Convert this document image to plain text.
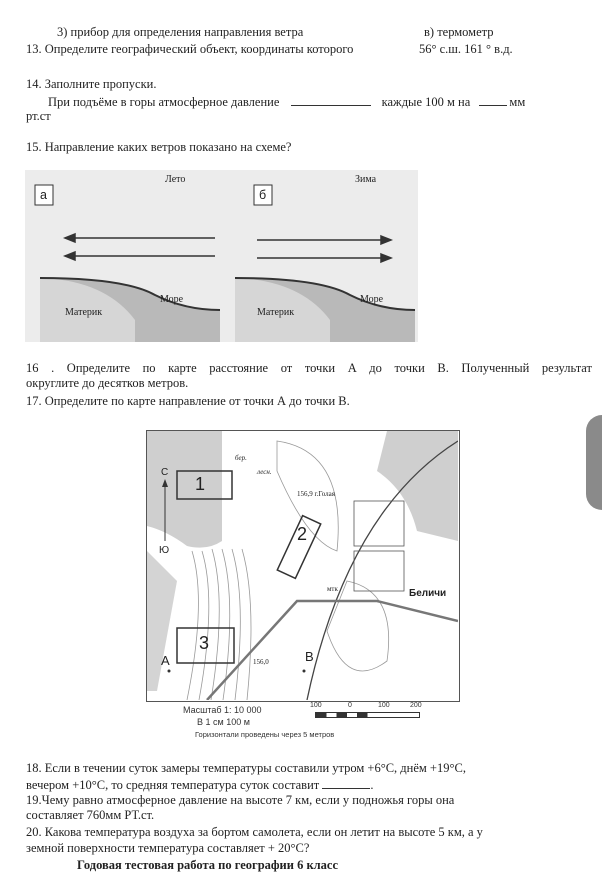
3) прибор для определения направления ветра	в) термометр
13. Определите географический объект, координаты которого	56° с.ш. 161 ° в.д.
14. Заполните пропуски.
При подъёме в горы атмосферное давление	каждые 100 м на	мм
рт.ст
15. Направление каких ветров показано на схеме?
а	б
Лето	Зима
Материк
Море
Материк
Море
16 . Определите по карте расстояние от точки А до точки В. Полученный результат
округлите до десятков метров.
17. Определите по карте направление от точки А до точки В.
1
2
3
А	В
С
Ю
Беличи
156,9 г.Голая
156,0
бер.
лесн.
мтк
Масштаб 1: 10 000
В 1 см 100 м
Горизонтали проведены через 5 метров
100	0	100	200
18. Если в течении суток замеры температуры составили утром +6°С, днём +19°С,
вечером +10°С, то средняя температура суток составит	.
19.Чему равно атмосферное давление на высоте 7 км, если у подножья горы она
составляет 760мм РТ.ст.
20. Какова температура воздуха за бортом самолета, если он летит на высоте 5 км, а у
земной поверхности температура составляет + 20°С?
Годовая тестовая работа по географии 6 класс
